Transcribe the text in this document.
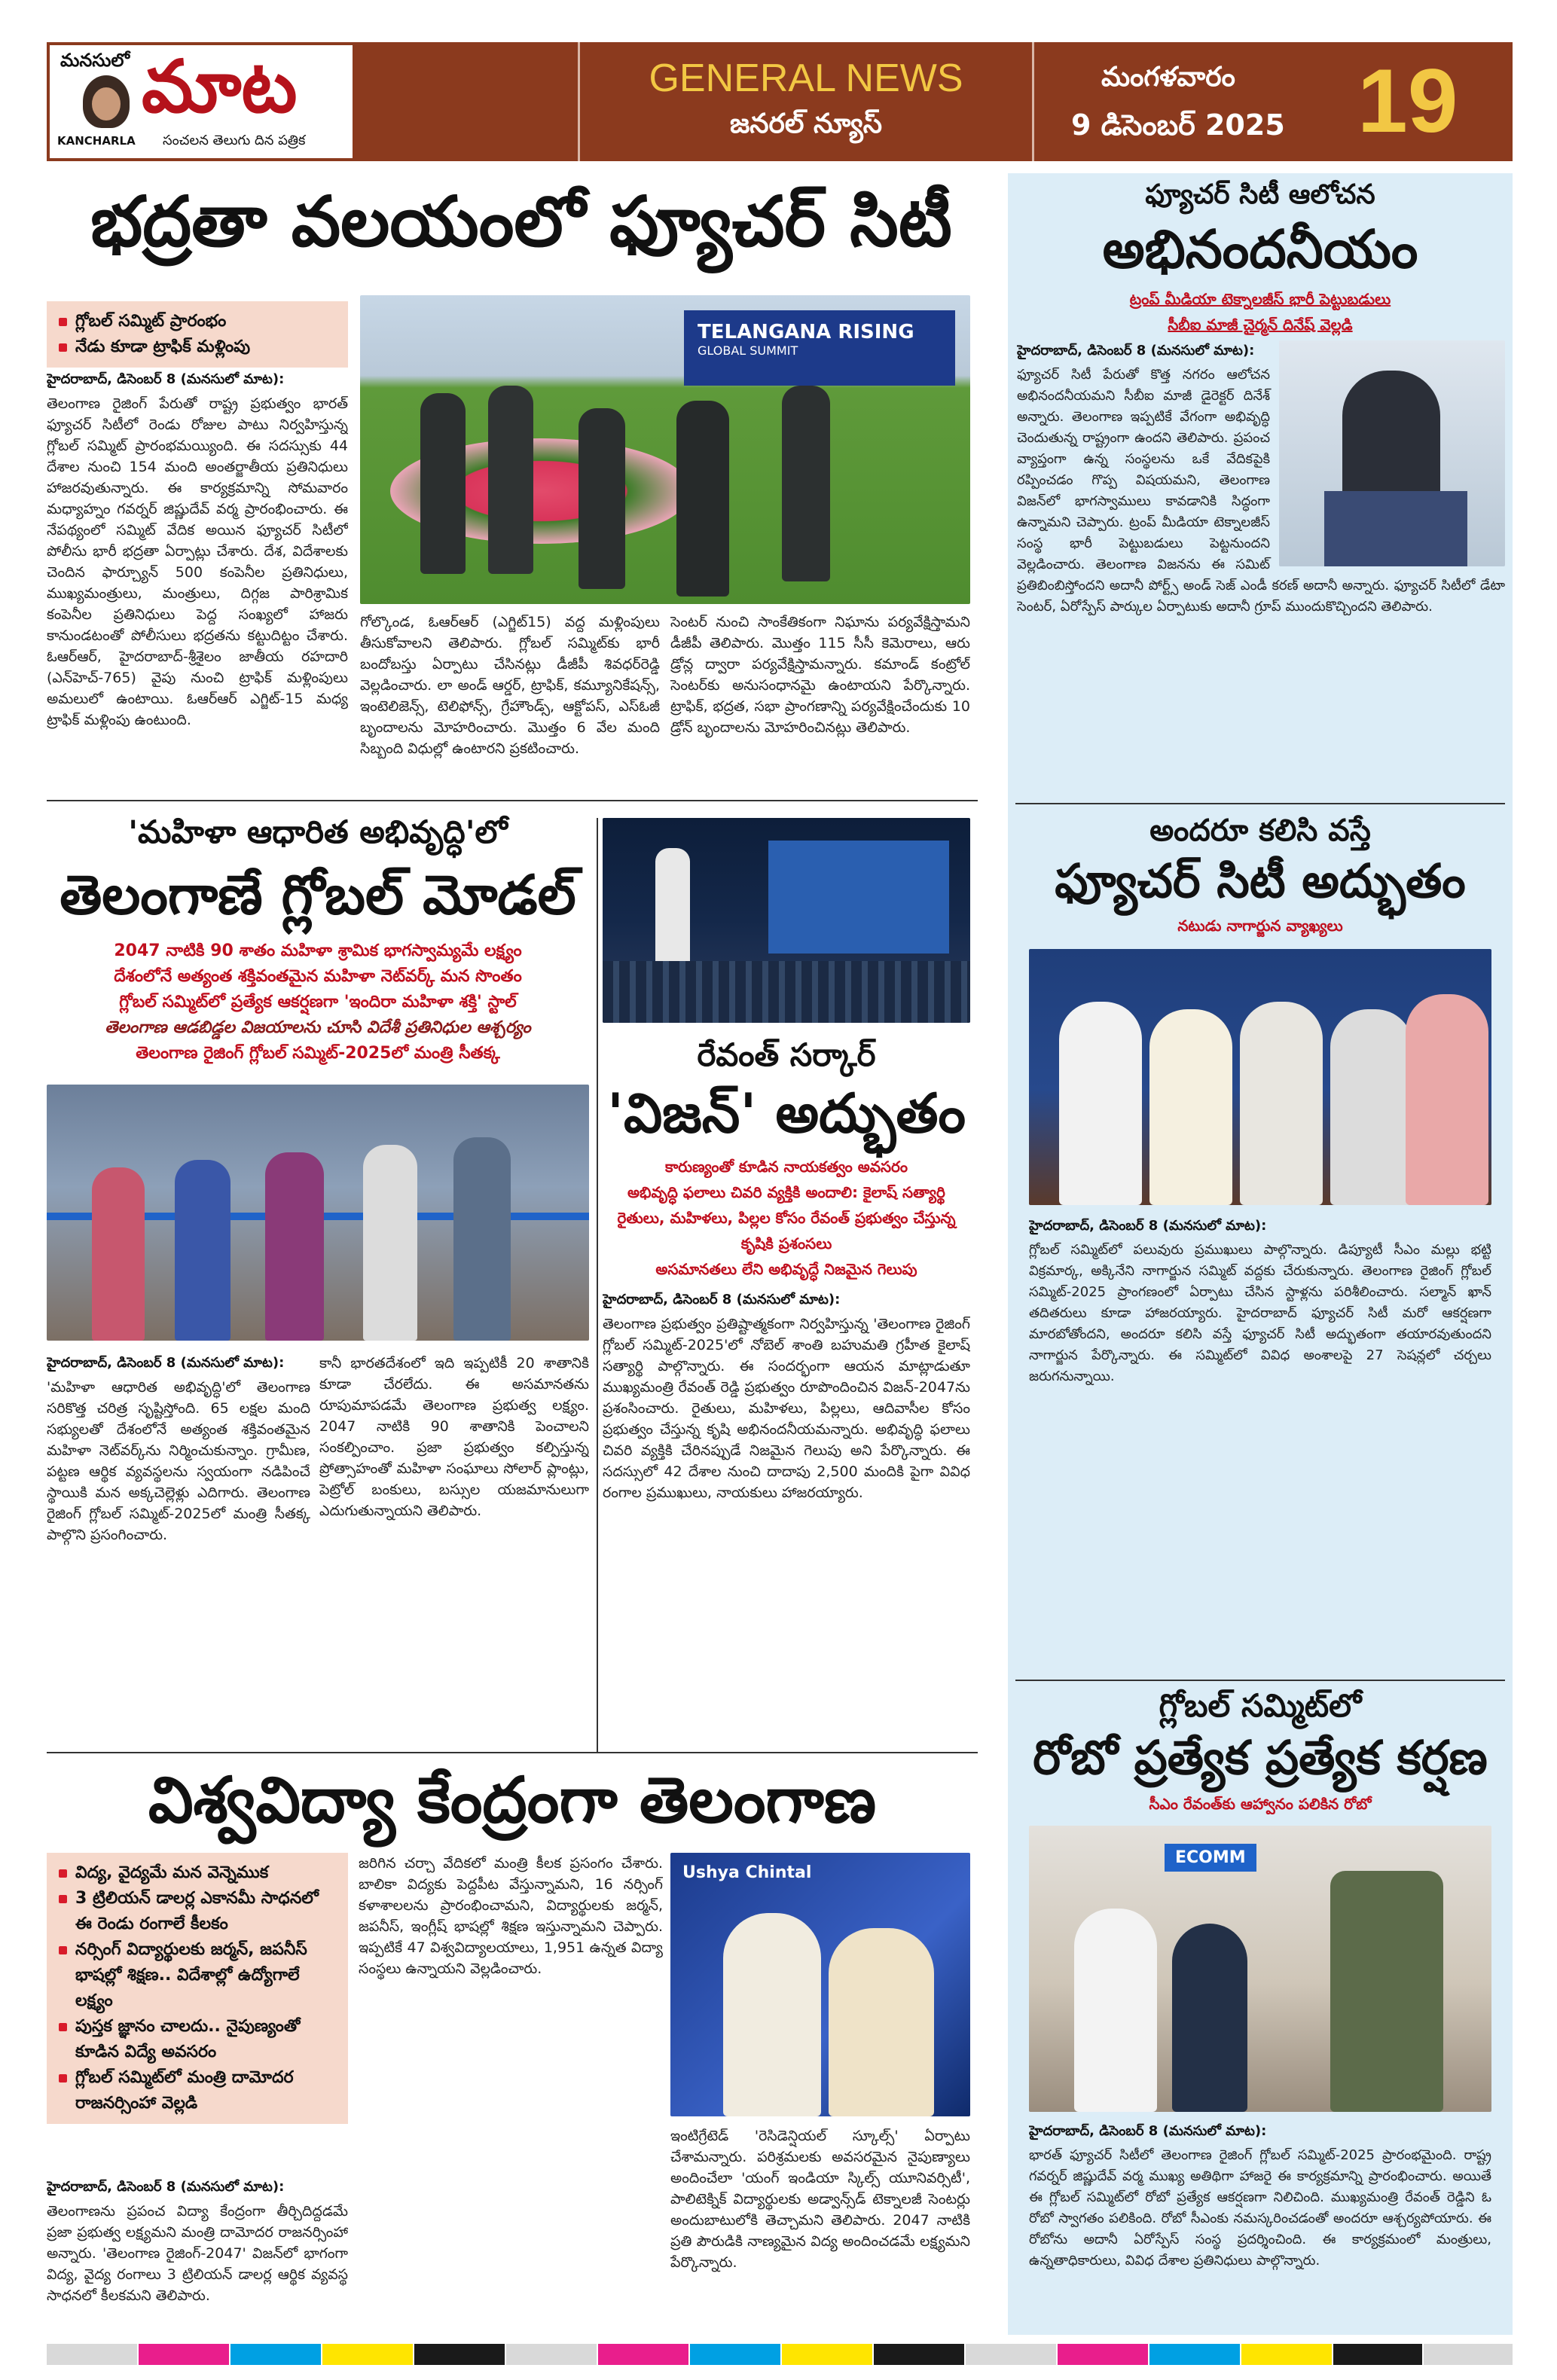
మనసులో మాట
KANCHARLA సంచలన తెలుగు దిన పత్రిక
GENERAL NEWS
జనరల్ న్యూస్
మంగళవారం
9 డిసెంబర్ 2025 19
భద్రతా వలయంలో ఫ్యూచర్ సిటీ
గ్లోబల్ సమ్మిట్ ప్రారంభం
నేడు కూడా ట్రాఫిక్ మళ్లింపు
హైదరాబాద్, డిసెంబర్ 8 (మనసులో మాట):
తెలంగాణ రైజింగ్ పేరుతో రాష్ట్ర ప్రభుత్వం భారత్ ఫ్యూచర్ సిటీలో రెండు రోజుల పాటు నిర్వహిస్తున్న గ్లోబల్ సమ్మిట్ ప్రారంభమయ్యింది. ఈ సదస్సుకు 44 దేశాల నుంచి 154 మంది అంతర్జాతీయ ప్రతినిధులు హాజరవుతున్నారు. ఈ కార్యక్రమాన్ని సోమవారం మధ్యాహ్నం గవర్నర్ జిష్ణుదేవ్ వర్మ ప్రారంభించారు. ఈ నేపథ్యంలో సమ్మిట్ వేదిక అయిన ఫ్యూచర్ సిటీలో పోలీసు భారీ భద్రతా ఏర్పాట్లు చేశారు. దేశ, విదేశాలకు చెందిన ఫార్చ్యూన్ 500 కంపెనీల ప్రతినిధులు, ముఖ్యమంత్రులు, మంత్రులు, దిగ్గజ పారిశ్రామిక కంపెనీల ప్రతినిధులు పెద్ద సంఖ్యలో హాజరు కానుండటంతో పోలీసులు భద్రతను కట్టుదిట్టం చేశారు. ఓఆర్ఆర్, హైదరాబాద్-శ్రీశైలం జాతీయ రహదారి (ఎన్‌హెచ్-765) వైపు నుంచి ట్రాఫిక్ మళ్లింపులు అమలులో ఉంటాయి. ఓఆర్ఆర్ ఎగ్జిట్-15 మధ్య ట్రాఫిక్ మళ్లింపు ఉంటుంది.
TELANGANA RISING
GLOBAL SUMMIT
గోల్కొండ, ఓఆర్ఆర్ (ఎగ్జిట్15) వద్ద మళ్లింపులు తీసుకోవాలని తెలిపారు. గ్లోబల్ సమ్మిట్‌కు భారీ బందోబస్తు ఏర్పాటు చేసినట్లు డీజీపీ శివధర్‌రెడ్డి వెల్లడించారు. లా అండ్ ఆర్డర్, ట్రాఫిక్, కమ్యూనికేషన్స్, ఇంటెలిజెన్స్, టెలిఫోన్స్, గ్రేహౌండ్స్, ఆక్టోపస్, ఎస్‌ఓజీ బృందాలను మోహరించారు. మొత్తం 6 వేల మంది సిబ్బంది విధుల్లో ఉంటారని ప్రకటించారు.
సెంటర్ నుంచి సాంకేతికంగా నిఘాను పర్యవేక్షిస్తామని డీజీపీ తెలిపారు. మొత్తం 115 సీసీ కెమెరాలు, ఆరు డ్రోన్ల ద్వారా పర్యవేక్షిస్తామన్నారు. కమాండ్ కంట్రోల్ సెంటర్‌కు అనుసంధానమై ఉంటాయని పేర్కొన్నారు. ట్రాఫిక్, భద్రత, సభా ప్రాంగణాన్ని పర్యవేక్షించేందుకు 10 డ్రోన్ బృందాలను మోహరించినట్లు తెలిపారు.
'మహిళా ఆధారిత అభివృద్ధి'లో
తెలంగాణే గ్లోబల్ మోడల్
2047 నాటికి 90 శాతం మహిళా శ్రామిక భాగస్వామ్యమే లక్ష్యం
దేశంలోనే అత్యంత శక్తివంతమైన మహిళా నెట్‌వర్క్ మన సొంతం
గ్లోబల్ సమ్మిట్‌లో ప్రత్యేక ఆకర్షణగా 'ఇందిరా మహిళా శక్తి' స్టాల్
తెలంగాణ ఆడబిడ్డల విజయాలను చూసి విదేశీ ప్రతినిధుల ఆశ్చర్యం
తెలంగాణ రైజింగ్ గ్లోబల్ సమ్మిట్-2025లో మంత్రి సీతక్క
హైదరాబాద్, డిసెంబర్ 8 (మనసులో మాట):
'మహిళా ఆధారిత అభివృద్ధి'లో తెలంగాణ సరికొత్త చరిత్ర సృష్టిస్తోంది. 65 లక్షల మంది సభ్యులతో దేశంలోనే అత్యంత శక్తివంతమైన మహిళా నెట్‌వర్క్‌ను నిర్మించుకున్నాం. గ్రామీణ, పట్టణ ఆర్థిక వ్యవస్థలను స్వయంగా నడిపించే స్థాయికి మన అక్కచెల్లెళ్లు ఎదిగారు. తెలంగాణ రైజింగ్ గ్లోబల్ సమ్మిట్-2025లో మంత్రి సీతక్క పాల్గొని ప్రసంగించారు.
కానీ భారతదేశంలో ఇది ఇప్పటికీ 20 శాతానికి కూడా చేరలేదు. ఈ అసమానతను రూపుమాపడమే తెలంగాణ ప్రభుత్వ లక్ష్యం. 2047 నాటికి 90 శాతానికి పెంచాలని సంకల్పించాం. ప్రజా ప్రభుత్వం కల్పిస్తున్న ప్రోత్సాహంతో మహిళా సంఘాలు సోలార్ ప్లాంట్లు, పెట్రోల్ బంకులు, బస్సుల యజమానులుగా ఎదుగుతున్నాయని తెలిపారు.
రేవంత్ సర్కార్
'విజన్' అద్భుతం
కారుణ్యంతో కూడిన నాయకత్వం అవసరం
అభివృద్ధి ఫలాలు చివరి వ్యక్తికి అందాలి: కైలాష్ సత్యార్థి
రైతులు, మహిళలు, పిల్లల కోసం రేవంత్ ప్రభుత్వం చేస్తున్న కృషికి ప్రశంసలు
అసమానతలు లేని అభివృద్ధే నిజమైన గెలుపు
హైదరాబాద్, డిసెంబర్ 8 (మనసులో మాట):
తెలంగాణ ప్రభుత్వం ప్రతిష్టాత్మకంగా నిర్వహిస్తున్న 'తెలంగాణ రైజింగ్ గ్లోబల్ సమ్మిట్-2025'లో నోబెల్ శాంతి బహుమతి గ్రహీత కైలాష్ సత్యార్థి పాల్గొన్నారు. ఈ సందర్భంగా ఆయన మాట్లాడుతూ ముఖ్యమంత్రి రేవంత్ రెడ్డి ప్రభుత్వం రూపొందించిన విజన్-2047ను ప్రశంసించారు. రైతులు, మహిళలు, పిల్లలు, ఆదివాసీల కోసం ప్రభుత్వం చేస్తున్న కృషి అభినందనీయమన్నారు. అభివృద్ధి ఫలాలు చివరి వ్యక్తికి చేరినప్పుడే నిజమైన గెలుపు అని పేర్కొన్నారు. ఈ సదస్సులో 42 దేశాల నుంచి దాదాపు 2,500 మందికి పైగా వివిధ రంగాల ప్రముఖులు, నాయకులు హాజరయ్యారు.
విశ్వవిద్యా కేంద్రంగా తెలంగాణ
విద్య, వైద్యమే మన వెన్నెముక
3 ట్రిలియన్ డాలర్ల ఎకానమీ సాధనలో ఈ రెండు రంగాలే కీలకం
నర్సింగ్ విద్యార్థులకు జర్మన్, జపనీస్ భాషల్లో శిక్షణ.. విదేశాల్లో ఉద్యోగాలే లక్ష్యం
పుస్తక జ్ఞానం చాలదు.. నైపుణ్యంతో కూడిన విద్యే అవసరం
గ్లోబల్ సమ్మిట్‌లో మంత్రి దామోదర రాజనర్సింహా వెల్లడి
హైదరాబాద్, డిసెంబర్ 8 (మనసులో మాట):
తెలంగాణను ప్రపంచ విద్యా కేంద్రంగా తీర్చిదిద్దడమే ప్రజా ప్రభుత్వ లక్ష్యమని మంత్రి దామోదర రాజనర్సింహా అన్నారు. 'తెలంగాణ రైజింగ్-2047' విజన్‌లో భాగంగా విద్య, వైద్య రంగాలు 3 ట్రిలియన్ డాలర్ల ఆర్థిక వ్యవస్థ సాధనలో కీలకమని తెలిపారు.
జరిగిన చర్చా వేదికలో మంత్రి కీలక ప్రసంగం చేశారు. బాలికా విద్యకు పెద్దపీట వేస్తున్నామని, 16 నర్సింగ్ కళాశాలలను ప్రారంభించామని, విద్యార్థులకు జర్మన్, జపనీస్, ఇంగ్లీష్ భాషల్లో శిక్షణ ఇస్తున్నామని చెప్పారు. ఇప్పటికే 47 విశ్వవిద్యాలయాలు, 1,951 ఉన్నత విద్యా సంస్థలు ఉన్నాయని వెల్లడించారు.
Ushya Chintal
ఇంటిగ్రేటెడ్ 'రెసిడెన్షియల్ స్కూల్స్' ఏర్పాటు చేశామన్నారు. పరిశ్రమలకు అవసరమైన నైపుణ్యాలు అందించేలా 'యంగ్ ఇండియా స్కిల్స్ యూనివర్సిటీ', పాలిటెక్నిక్ విద్యార్థులకు అడ్వాన్స్‌డ్ టెక్నాలజీ సెంటర్లు అందుబాటులోకి తెచ్చామని తెలిపారు. 2047 నాటికి ప్రతి పౌరుడికి నాణ్యమైన విద్య అందించడమే లక్ష్యమని పేర్కొన్నారు.
ఫ్యూచర్ సిటీ ఆలోచన
అభినందనీయం
ట్రంప్ మీడియా టెక్నాలజీస్ భారీ పెట్టుబడులు
సీబీఐ మాజీ చైర్మన్ దినేష్ వెల్లడి
హైదరాబాద్, డిసెంబర్ 8 (మనసులో మాట):
ఫ్యూచర్ సిటీ పేరుతో కొత్త నగరం ఆలోచన అభినందనీయమని సీబీఐ మాజీ డైరెక్టర్ దినేశ్ అన్నారు. తెలంగాణ ఇప్పటికే వేగంగా అభివృద్ధి చెందుతున్న రాష్ట్రంగా ఉందని తెలిపారు. ప్రపంచ వ్యాప్తంగా ఉన్న సంస్థలను ఒకే వేదికపైకి రప్పించడం గొప్ప విషయమని, తెలంగాణ విజన్‌లో భాగస్వాములు కావడానికి సిద్ధంగా ఉన్నామని చెప్పారు. ట్రంప్ మీడియా టెక్నాలజీస్ సంస్థ భారీ పెట్టుబడులు పెట్టనుందని వెల్లడించారు. తెలంగాణ విజనను ఈ సమిట్ ప్రతిబింబిస్తోందని అదానీ పోర్ట్స్ అండ్ సెజ్ ఎండీ కరణ్ అదానీ అన్నారు. ఫ్యూచర్ సిటీలో డేటా సెంటర్, ఏరోస్పేస్ పార్కుల ఏర్పాటుకు అదానీ గ్రూప్ ముందుకొచ్చిందని తెలిపారు.
అందరూ కలిసి వస్తే
ఫ్యూచర్ సిటీ అద్భుతం
నటుడు నాగార్జున వ్యాఖ్యలు
హైదరాబాద్, డిసెంబర్ 8 (మనసులో మాట):
గ్లోబల్ సమ్మిట్‌లో పలువురు ప్రముఖులు పాల్గొన్నారు. డిప్యూటీ సీఎం మల్లు భట్టి విక్రమార్క, అక్కినేని నాగార్జున సమ్మిట్ వద్దకు చేరుకున్నారు. తెలంగాణ రైజింగ్ గ్లోబల్ సమ్మిట్-2025 ప్రాంగణంలో ఏర్పాటు చేసిన స్టాళ్లను పరిశీలించారు. సల్మాన్ ఖాన్ తదితరులు కూడా హాజరయ్యారు. హైదరాబాద్ ఫ్యూచర్ సిటీ మరో ఆకర్షణగా మారబోతోందని, అందరూ కలిసి వస్తే ఫ్యూచర్ సిటీ అద్భుతంగా తయారవుతుందని నాగార్జున పేర్కొన్నారు. ఈ సమ్మిట్‌లో వివిధ అంశాలపై 27 సెషన్లలో చర్చలు జరుగనున్నాయి.
గ్లోబల్ సమ్మిట్‌లో
రోబో ప్రత్యేక ప్రత్యేక కర్షణ
సీఎం రేవంత్‌కు ఆహ్వానం పలికిన రోబో
ECOMM
హైదరాబాద్, డిసెంబర్ 8 (మనసులో మాట):
భారత్ ఫ్యూచర్ సిటీలో తెలంగాణ రైజింగ్ గ్లోబల్ సమ్మిట్-2025 ప్రారంభమైంది. రాష్ట్ర గవర్నర్ జిష్ణుదేవ్ వర్మ ముఖ్య అతిథిగా హాజరై ఈ కార్యక్రమాన్ని ప్రారంభించారు. అయితే ఈ గ్లోబల్ సమ్మిట్‌లో రోబో ప్రత్యేక ఆకర్షణగా నిలిచింది. ముఖ్యమంత్రి రేవంత్ రెడ్డిని ఓ రోబో స్వాగతం పలికింది. రోబో సీఎంకు నమస్కరించడంతో అందరూ ఆశ్చర్యపోయారు. ఈ రోబోను అదానీ ఏరోస్పేస్ సంస్థ ప్రదర్శించింది. ఈ కార్యక్రమంలో మంత్రులు, ఉన్నతాధికారులు, వివిధ దేశాల ప్రతినిధులు పాల్గొన్నారు.
